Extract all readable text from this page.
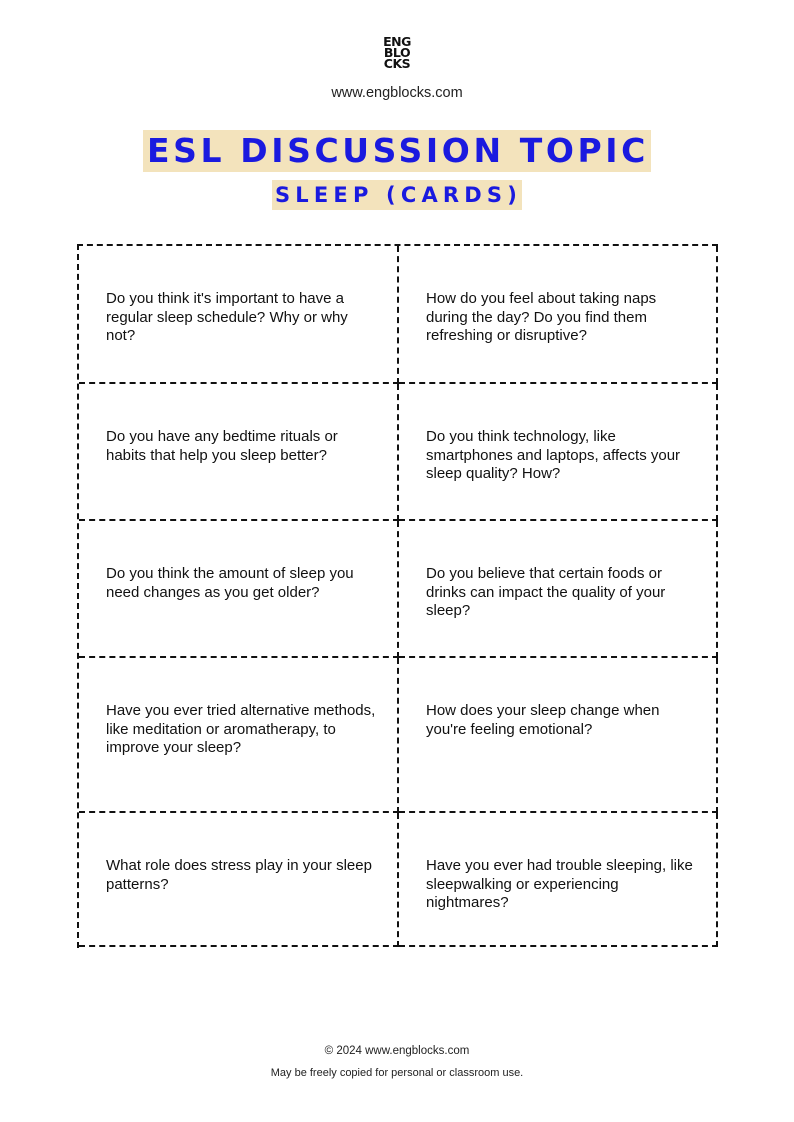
ENG
BLO
CKS
www.engblocks.com
ESL DISCUSSION TOPIC
SLEEP (CARDS)
Do you think it's important to have a regular sleep schedule? Why or why not?
How do you feel about taking naps during the day? Do you find them refreshing or disruptive?
Do you have any bedtime rituals or habits that help you sleep better?
Do you think technology, like smartphones and laptops, affects your sleep quality? How?
Do you think the amount of sleep you need changes as you get older?
Do you believe that certain foods or drinks can impact the quality of your sleep?
Have you ever tried alternative methods, like meditation or aromatherapy, to improve your sleep?
How does your sleep change when you're feeling emotional?
What role does stress play in your sleep patterns?
Have you ever had trouble sleeping, like sleepwalking or experiencing nightmares?
© 2024 www.engblocks.com
May be freely copied for personal or classroom use.
